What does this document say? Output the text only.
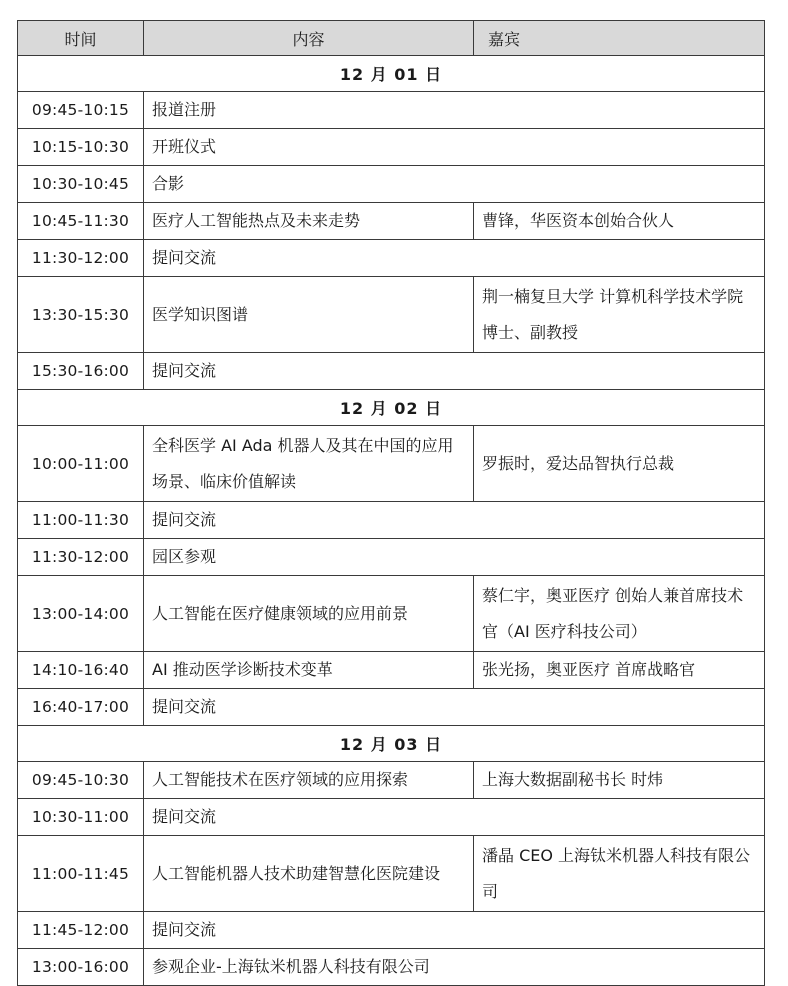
时间	内容	嘉宾
12 月 01 日		
09:45-10:15	报道注册	
10:15-10:30	开班仪式	
10:30-10:45	合影	
10:45-11:30	医疗人工智能热点及未来走势	曹锋，华医资本创始合伙人
11:30-12:00	提问交流	
13:30-15:30	医学知识图谱	荆一楠复旦大学 计算机科学技术学院 博士、副教授
15:30-16:00	提问交流	
12 月 02 日		
10:00-11:00	全科医学 AI Ada 机器人及其在中国的应用场景、临床价值解读	罗振时，爱达品智执行总裁
11:00-11:30	提问交流	
11:30-12:00	园区参观	
13:00-14:00	人工智能在医疗健康领域的应用前景	蔡仁宇，奥亚医疗 创始人兼首席技术官（AI 医疗科技公司）
14:10-16:40	AI 推动医学诊断技术变革	张光扬，奥亚医疗 首席战略官
16:40-17:00	提问交流	
12 月 03 日		
09:45-10:30	人工智能技术在医疗领域的应用探索	上海大数据副秘书长 时炜
10:30-11:00	提问交流	
11:00-11:45	人工智能机器人技术助建智慧化医院建设	潘晶 CEO 上海钛米机器人科技有限公司
11:45-12:00	提问交流	
13:00-16:00	参观企业-上海钛米机器人科技有限公司	
